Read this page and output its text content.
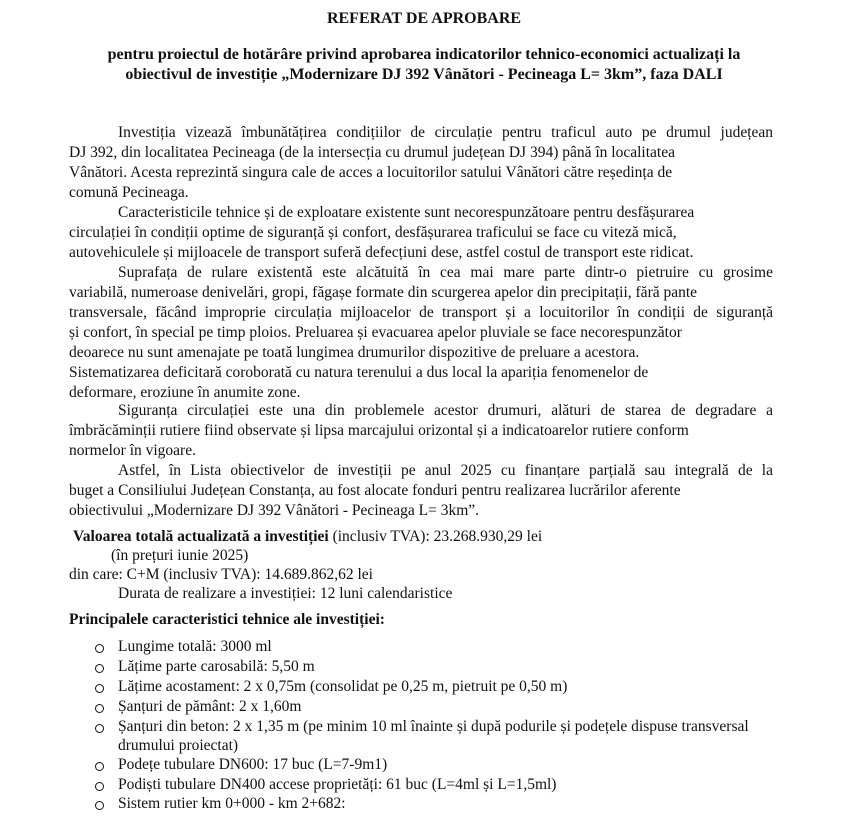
REFERAT DE APROBARE
pentru proiectul de hotărâre privind aprobarea indicatorilor tehnico-economici actualizați la
obiectivul de investiție „Modernizare DJ 392 Vânători - Pecineaga L= 3km”, faza DALI
Investiția vizează îmbunătățirea condițiilor de circulație pentru traficul auto pe drumul județean
DJ 392, din localitatea Pecineaga (de la intersecția cu drumul județean DJ 394) până în localitatea
Vânători. Acesta reprezintă singura cale de acces a locuitorilor satului Vânători către reședința de
comună Pecineaga.
Caracteristicile tehnice și de exploatare existente sunt necorespunzătoare pentru desfășurarea
circulației în condiții optime de siguranță și confort, desfășurarea traficului se face cu viteză mică,
autovehiculele și mijloacele de transport suferă defecțiuni dese, astfel costul de transport este ridicat.
Suprafața de rulare existentă este alcătuită în cea mai mare parte dintr-o pietruire cu grosime
variabilă, numeroase denivelări, gropi, făgașe formate din scurgerea apelor din precipitații, fără pante
transversale, făcând improprie circulația mijloacelor de transport și a locuitorilor în condiții de siguranță
și confort, în special pe timp ploios. Preluarea și evacuarea apelor pluviale se face necorespunzător
deoarece nu sunt amenajate pe toată lungimea drumurilor dispozitive de preluare a acestora.
Sistematizarea deficitară coroborată cu natura terenului a dus local la apariția fenomenelor de
deformare, eroziune în anumite zone.
Siguranța circulației este una din problemele acestor drumuri, alături de starea de degradare a
îmbrăcăminții rutiere fiind observate și lipsa marcajului orizontal și a indicatoarelor rutiere conform
normelor în vigoare.
Astfel, în Lista obiectivelor de investiții pe anul 2025 cu finanțare parțială sau integrală de la
buget a Consiliului Județean Constanța, au fost alocate fonduri pentru realizarea lucrărilor aferente
obiectivului „Modernizare DJ 392 Vânători - Pecineaga L= 3km”.
Valoarea totală actualizată a investiției (inclusiv TVA): 23.268.930,29 lei
(în prețuri iunie 2025)
din care: C+M (inclusiv TVA): 14.689.862,62 lei
Durata de realizare a investiției: 12 luni calendaristice
Principalele caracteristici tehnice ale investiției:
Lungime totală: 3000 ml
Lățime parte carosabilă: 5,50 m
Lățime acostament: 2 x 0,75m (consolidat pe 0,25 m, pietruit pe 0,50 m)
Șanțuri de pământ: 2 x 1,60m
Șanțuri din beton: 2 x 1,35 m (pe minim 10 ml înainte și după podurile și podețele dispuse transversal
drumului proiectat)
Podețe tubulare DN600: 17 buc (L=7-9m1)
Podiști tubulare DN400 accese proprietăți: 61 buc (L=4ml și L=1,5ml)
Sistem rutier km 0+000 - km 2+682:
